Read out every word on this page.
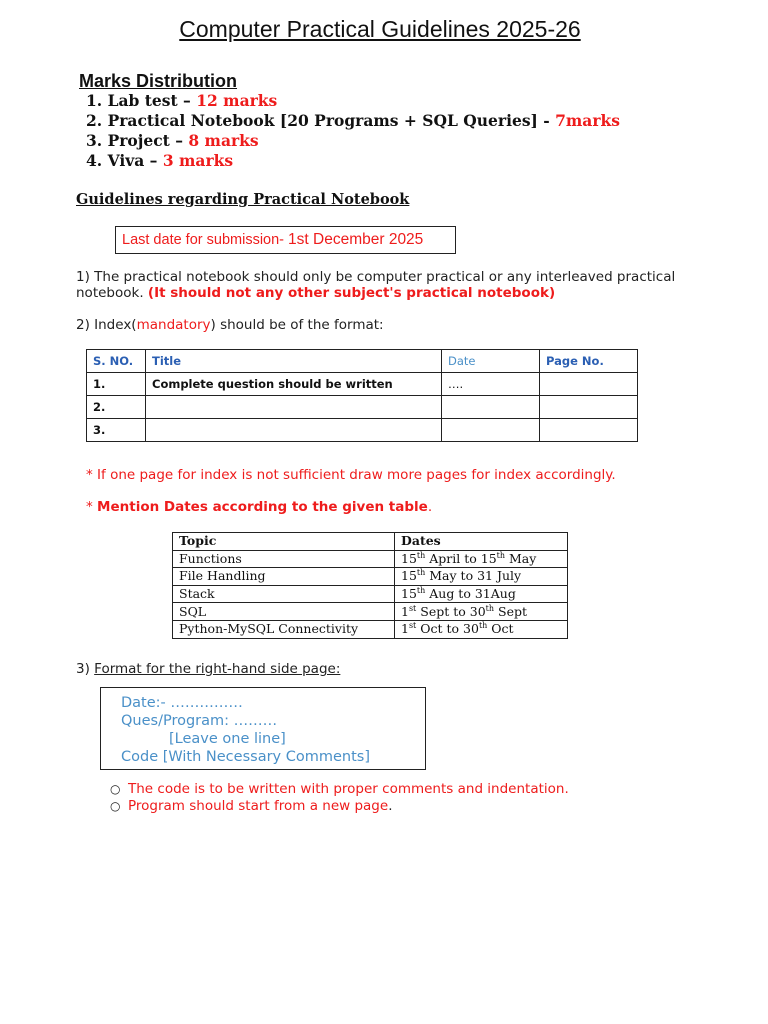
Computer Practical Guidelines 2025-26
Marks Distribution
1. Lab test – 12 marks
2. Practical Notebook [20 Programs + SQL Queries] - 7marks
3. Project – 8 marks
4. Viva – 3 marks
Guidelines regarding Practical Notebook
Last date for submission- 1st December 2025
1) The practical notebook should only be computer practical or any interleaved practical notebook. (It should not any other subject's practical notebook)
2) Index(mandatory) should be of the format:
S. NO.	Title	Date	Page No.
1.	Complete question should be written	….	
2.			
3.			
* If one page for index is not sufficient draw more pages for index accordingly.
* Mention Dates according to the given table.
Topic	Dates
Functions	15th April to 15th May
File Handling	15th May to 31 July
Stack	15th Aug to 31Aug
SQL	1st Sept to 30th Sept
Python-MySQL Connectivity	1st Oct to 30th Oct
3) Format for the right-hand side page:
Date:- ……………
Ques/Program: ………
[Leave one line]
Code [With Necessary Comments]
○ The code is to be written with proper comments and indentation.
○ Program should start from a new page.
